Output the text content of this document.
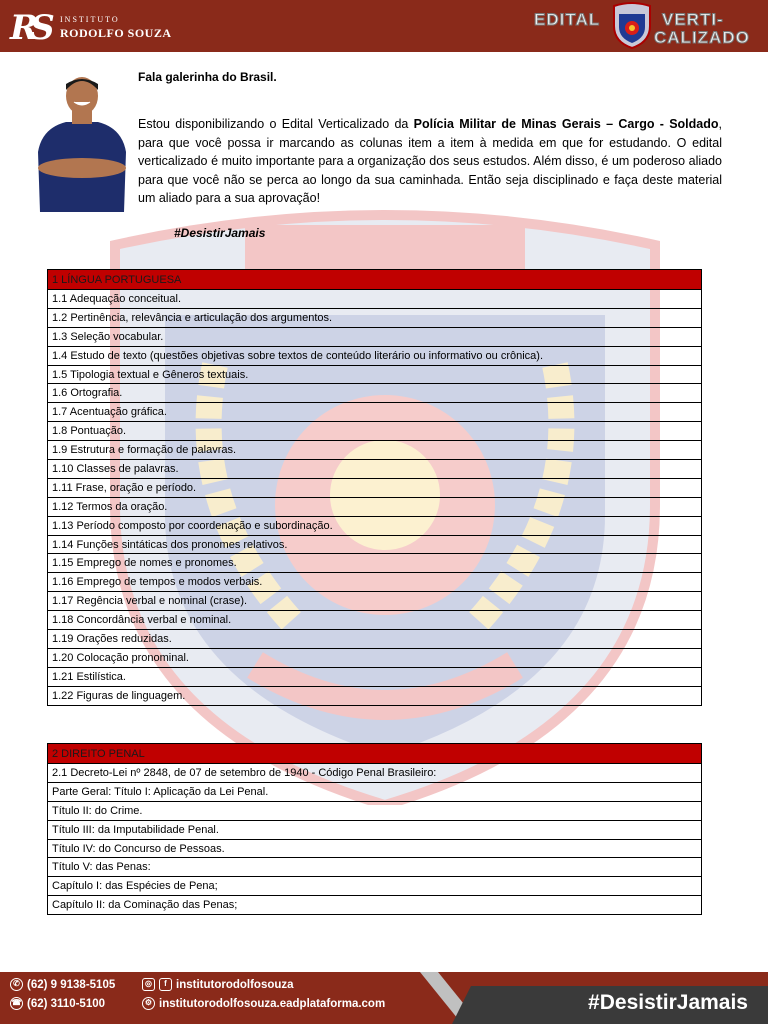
RS INSTITUTO
RODOLFO SOUZA
EDITAL	VERTI-
CALIZADO
Fala galerinha do Brasil.

Estou disponibilizando o Edital Verticalizado da Polícia Militar de Minas Gerais – Cargo - Soldado, para que você possa ir marcando as colunas item a item à medida em que for estudando. O edital verticalizado é muito importante para a organização dos seus estudos. Além disso, é um poderoso aliado para que você não se perca ao longo da sua caminhada. Então seja disciplinado e faça deste material um aliado para a sua aprovação!

#DesistirJamais
1 LÍNGUA PORTUGUESA
1.1 Adequação conceitual.
1.2 Pertinência, relevância e articulação dos argumentos.
1.3 Seleção vocabular.
1.4 Estudo de texto (questões objetivas sobre textos de conteúdo literário ou informativo ou crônica).
1.5 Tipologia textual e Gêneros textuais.
1.6 Ortografia.
1.7 Acentuação gráfica.
1.8 Pontuação.
1.9 Estrutura e formação de palavras.
1.10 Classes de palavras.
1.11 Frase, oração e período.
1.12 Termos da oração.
1.13 Período composto por coordenação e subordinação.
1.14 Funções sintáticas dos pronomes relativos.
1.15 Emprego de nomes e pronomes.
1.16 Emprego de tempos e modos verbais.
1.17 Regência verbal e nominal (crase).
1.18 Concordância verbal e nominal.
1.19 Orações reduzidas.
1.20 Colocação pronominal.
1.21 Estilística.
1.22 Figuras de linguagem.
2 DIREITO PENAL
2.1 Decreto-Lei nº 2848, de 07 de setembro de 1940 - Código Penal Brasileiro:
Parte Geral: Título I: Aplicação da Lei Penal.
Título II: do Crime.
Título III: da Imputabilidade Penal.
Título IV: do Concurso de Pessoas.
Título V: das Penas:
Capítulo I: das Espécies de Pena;
Capítulo II: da Cominação das Penas;
✆ (62) 9 9138-5105
☎ (62) 3110-5100
◎	f institutorodolfosouza
⚙ institutorodolfosouza.eadplataforma.com	#DesistirJamais
